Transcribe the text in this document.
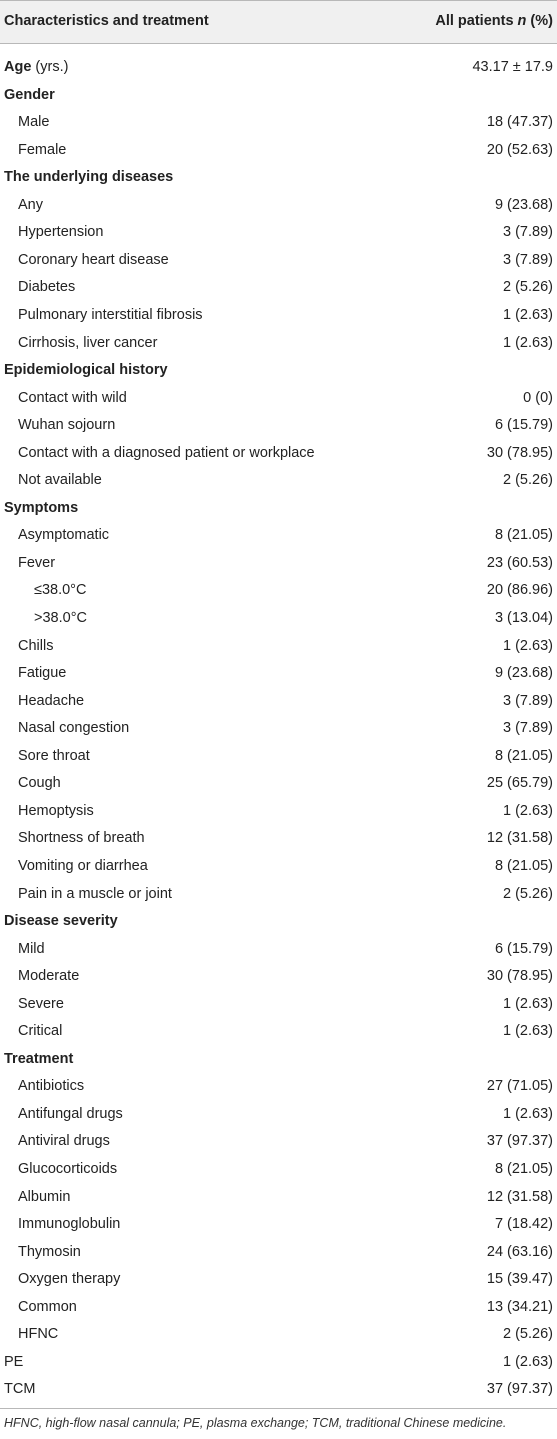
Characteristics and treatment	All patients n (%)
Age (yrs.)	43.17 ± 17.9
Gender
Male	18 (47.37)
Female	20 (52.63)
The underlying diseases
Any	9 (23.68)
Hypertension	3 (7.89)
Coronary heart disease	3 (7.89)
Diabetes	2 (5.26)
Pulmonary interstitial fibrosis	1 (2.63)
Cirrhosis, liver cancer	1 (2.63)
Epidemiological history
Contact with wild	0 (0)
Wuhan sojourn	6 (15.79)
Contact with a diagnosed patient or workplace	30 (78.95)
Not available	2 (5.26)
Symptoms
Asymptomatic	8 (21.05)
Fever	23 (60.53)
≤38.0°C	20 (86.96)
>38.0°C	3 (13.04)
Chills	1 (2.63)
Fatigue	9 (23.68)
Headache	3 (7.89)
Nasal congestion	3 (7.89)
Sore throat	8 (21.05)
Cough	25 (65.79)
Hemoptysis	1 (2.63)
Shortness of breath	12 (31.58)
Vomiting or diarrhea	8 (21.05)
Pain in a muscle or joint	2 (5.26)
Disease severity
Mild	6 (15.79)
Moderate	30 (78.95)
Severe	1 (2.63)
Critical	1 (2.63)
Treatment
Antibiotics	27 (71.05)
Antifungal drugs	1 (2.63)
Antiviral drugs	37 (97.37)
Glucocorticoids	8 (21.05)
Albumin	12 (31.58)
Immunoglobulin	7 (18.42)
Thymosin	24 (63.16)
Oxygen therapy	15 (39.47)
Common	13 (34.21)
HFNC	2 (5.26)
PE	1 (2.63)
TCM	37 (97.37)
HFNC, high-flow nasal cannula; PE, plasma exchange; TCM, traditional Chinese medicine.
